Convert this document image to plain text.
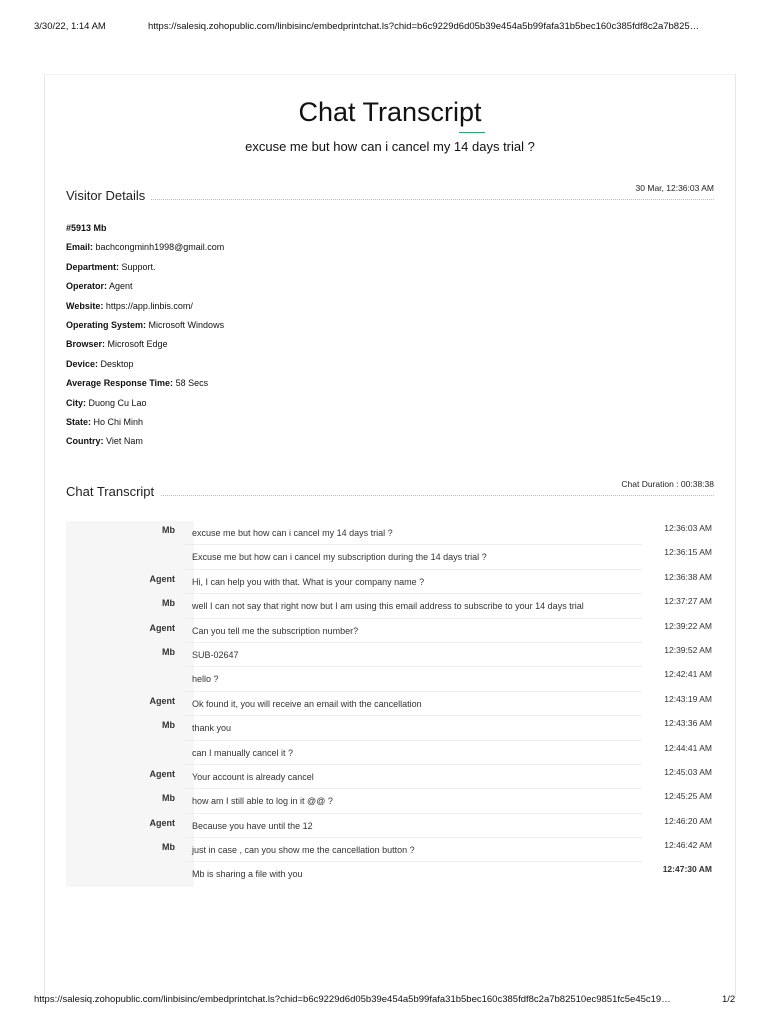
3/30/22, 1:14 AM	https://salesiq.zohopublic.com/linbisinc/embedprintchat.ls?chid=b6c9229d6d05b39e454a5b99fafa31b5bec160c385fdf8c2a7b825…
Chat Transcript
excuse me but how can i cancel my 14 days trial ?
Visitor Details	30 Mar, 12:36:03 AM
#5913 Mb
Email: bachcongminh1998@gmail.com
Department: Support.
Operator: Agent
Website: https://app.linbis.com/
Operating System: Microsoft Windows
Browser: Microsoft Edge
Device: Desktop
Average Response Time: 58 Secs
City: Duong Cu Lao
State: Ho Chi Minh
Country: Viet Nam
Chat Transcript	Chat Duration : 00:38:38
Mb excuse me but how can i cancel my 14 days trial ?	12:36:03 AM
Excuse me but how can i cancel my subscription during the 14 days trial ?	12:36:15 AM
Agent Hi, I can help you with that. What is your company name ?	12:36:38 AM
Mb well I can not say that right now but I am using this email address to subscribe to your 14 days trial	12:37:27 AM
Agent Can you tell me the subscription number?	12:39:22 AM
Mb SUB-02647	12:39:52 AM
hello ?	12:42:41 AM
Agent Ok found it, you will receive an email with the cancellation	12:43:19 AM
Mb thank you	12:43:36 AM
can I manually cancel it ?	12:44:41 AM
Agent Your account is already cancel	12:45:03 AM
Mb how am I still able to log in it @@ ?	12:45:25 AM
Agent Because you have until the 12	12:46:20 AM
Mb just in case , can you show me the cancellation button ?	12:46:42 AM
Mb is sharing a file with you	12:47:30 AM
https://salesiq.zohopublic.com/linbisinc/embedprintchat.ls?chid=b6c9229d6d05b39e454a5b99fafa31b5bec160c385fdf8c2a7b82510ec9851fc5e45c19…	1/2
